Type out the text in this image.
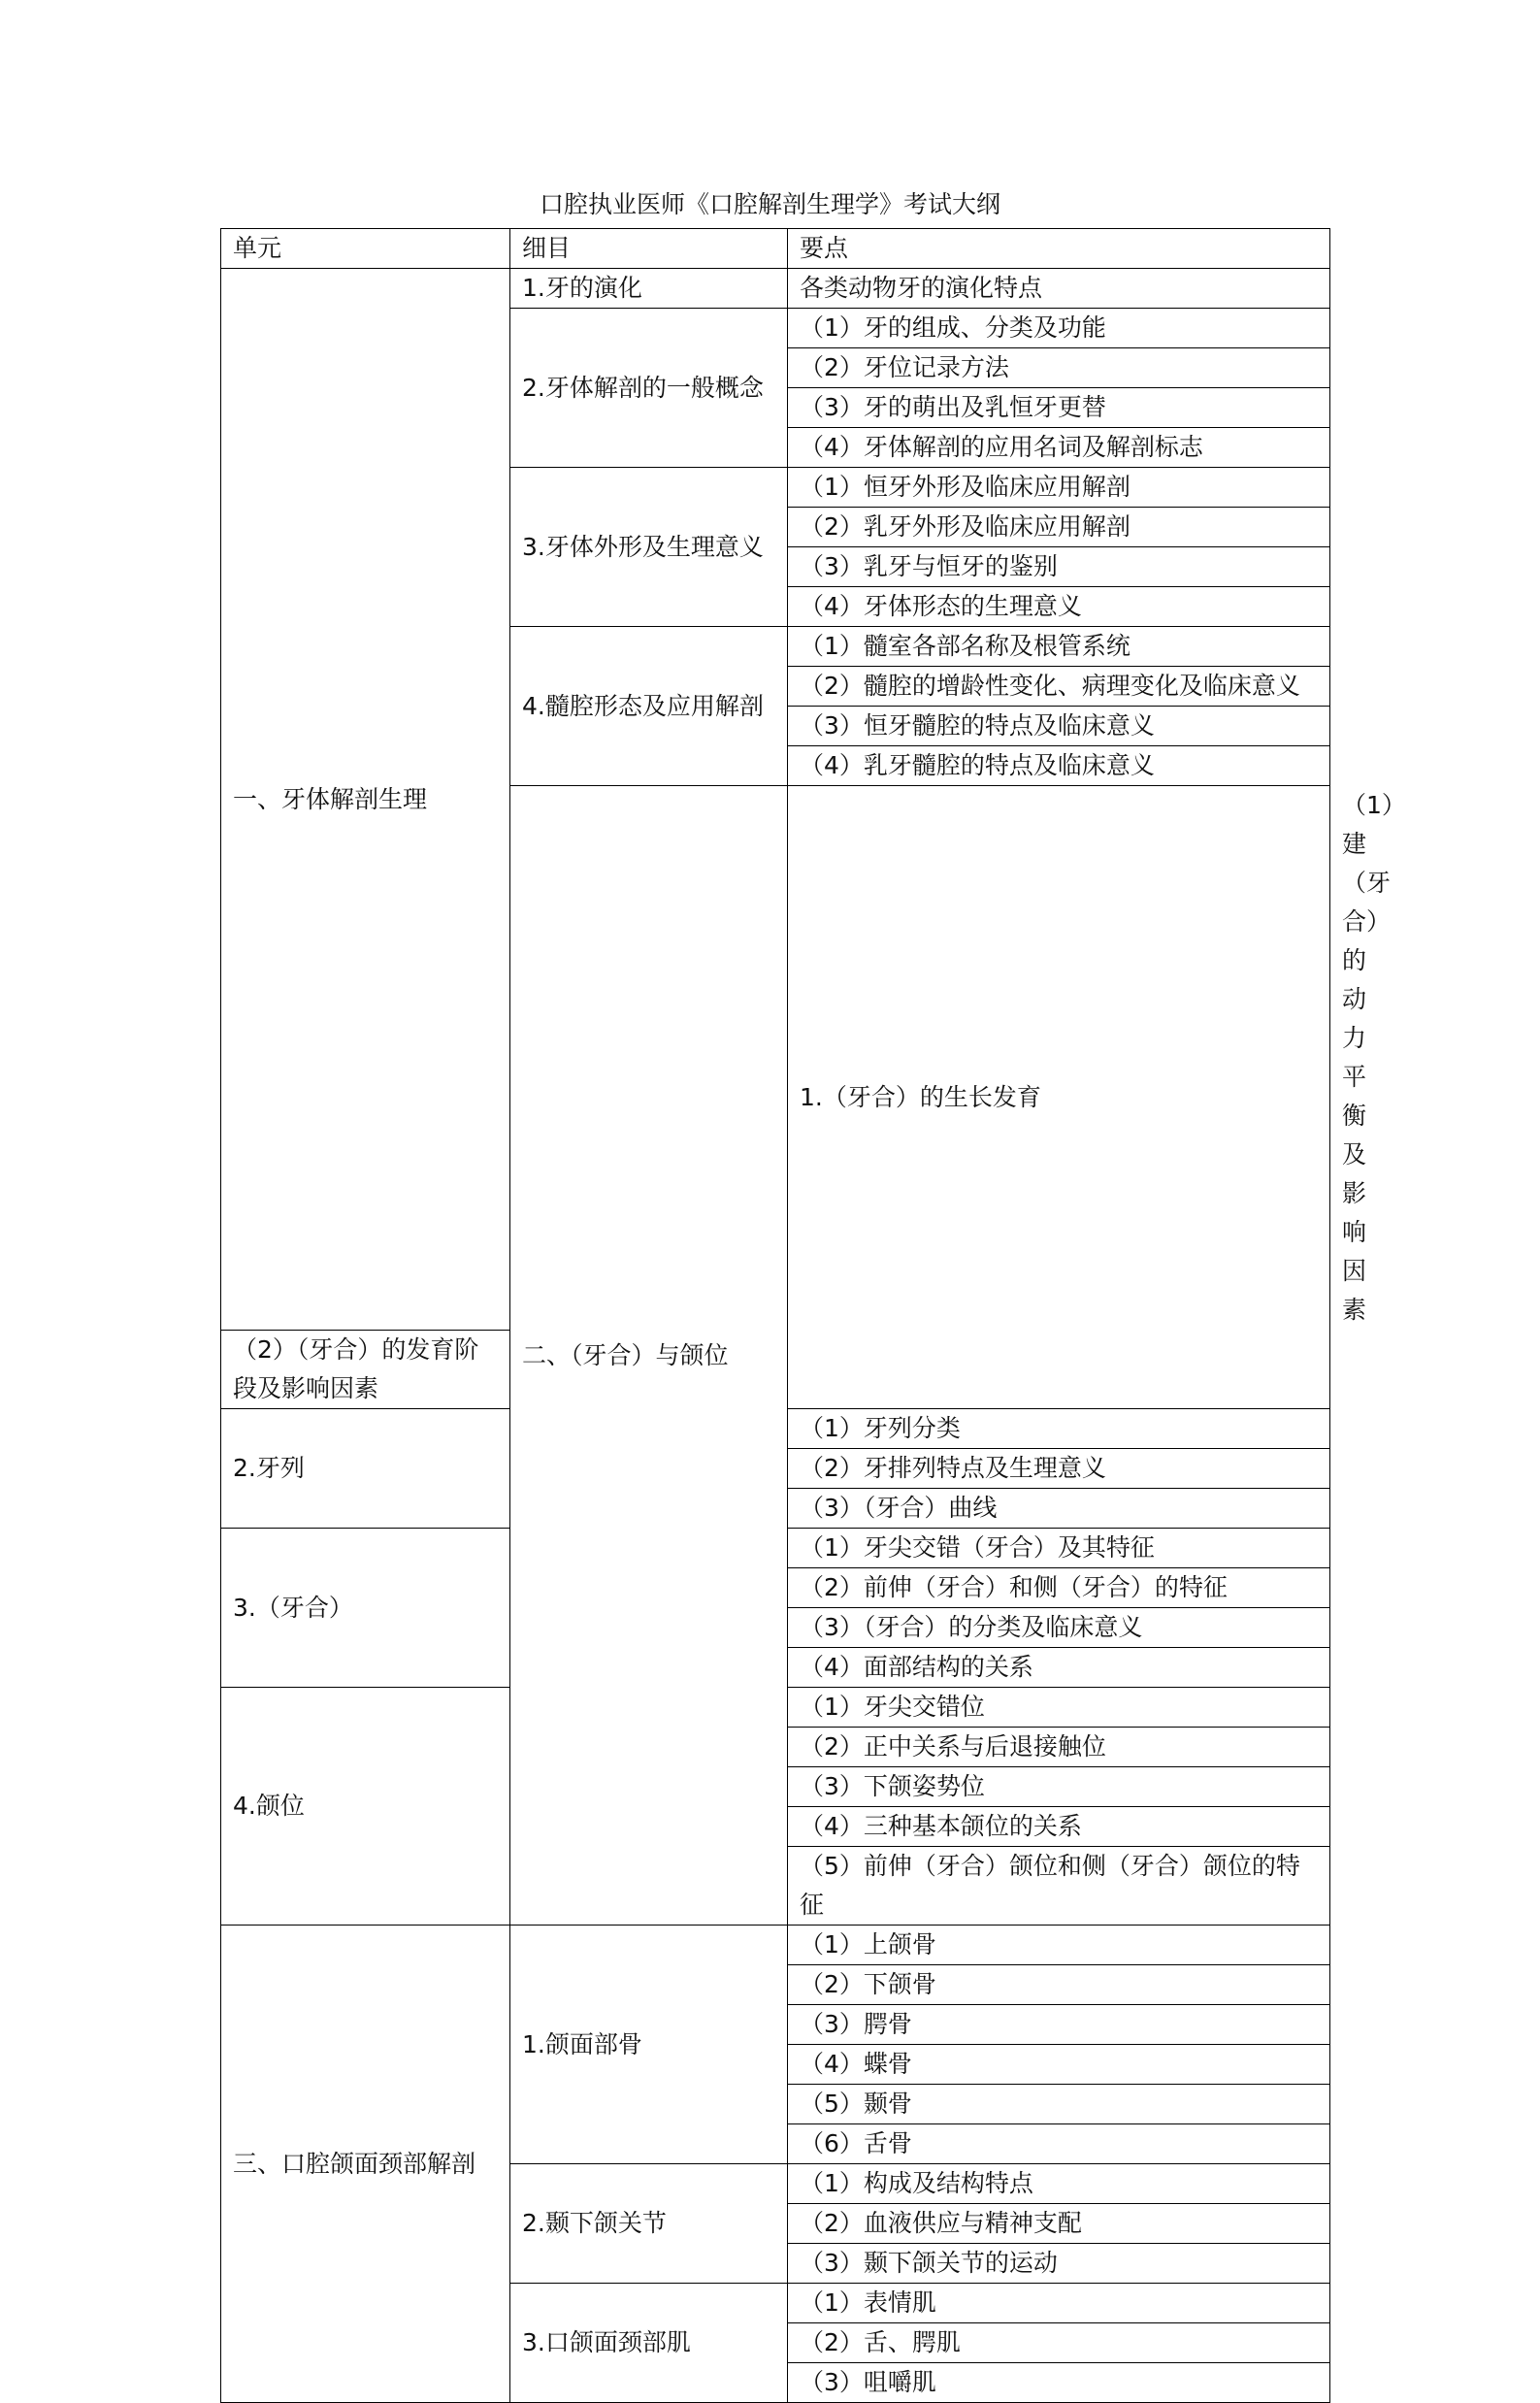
口腔执业医师《口腔解剖生理学》考试大纲
单元	细目	要点	
一、牙体解剖生理	1.牙的演化	各类动物牙的演化特点	
	2.牙体解剖的一般概念	（1）牙的组成、分类及功能	
		（2）牙位记录方法	
		（3）牙的萌出及乳恒牙更替	
		（4）牙体解剖的应用名词及解剖标志	
	3.牙体外形及生理意义	（1）恒牙外形及临床应用解剖	
		（2）乳牙外形及临床应用解剖	
		（3）乳牙与恒牙的鉴别	
		（4）牙体形态的生理意义	
	4.髓腔形态及应用解剖	（1）髓室各部名称及根管系统	
		（2）髓腔的增龄性变化、病理变化及临床意义	
		（3）恒牙髓腔的特点及临床意义	
		（4）乳牙髓腔的特点及临床意义	
	二、（牙合）与颌位	1.（牙合）的生长发育	（1）建（牙合）的动力平衡及影响因素
（2）（牙合）的发育阶段及影响因素			
2.牙列		（1）牙列分类	
		（2）牙排列特点及生理意义	
		（3）（牙合）曲线	
3.（牙合）		（1）牙尖交错（牙合）及其特征	
		（2）前伸（牙合）和侧（牙合）的特征	
		（3）（牙合）的分类及临床意义	
		（4）面部结构的关系	
4.颌位		（1）牙尖交错位	
		（2）正中关系与后退接触位	
		（3）下颌姿势位	
		（4）三种基本颌位的关系	
		（5）前伸（牙合）颌位和侧（牙合）颌位的特征	
三、口腔颌面颈部解剖	1.颌面部骨	（1）上颌骨	
		（2）下颌骨	
		（3）腭骨	
		（4）蝶骨	
		（5）颞骨	
		（6）舌骨	
	2.颞下颌关节	（1）构成及结构特点	
		（2）血液供应与精神支配	
		（3）颞下颌关节的运动	
	3.口颌面颈部肌	（1）表情肌	
		（2）舌、腭肌	
		（3）咀嚼肌	
